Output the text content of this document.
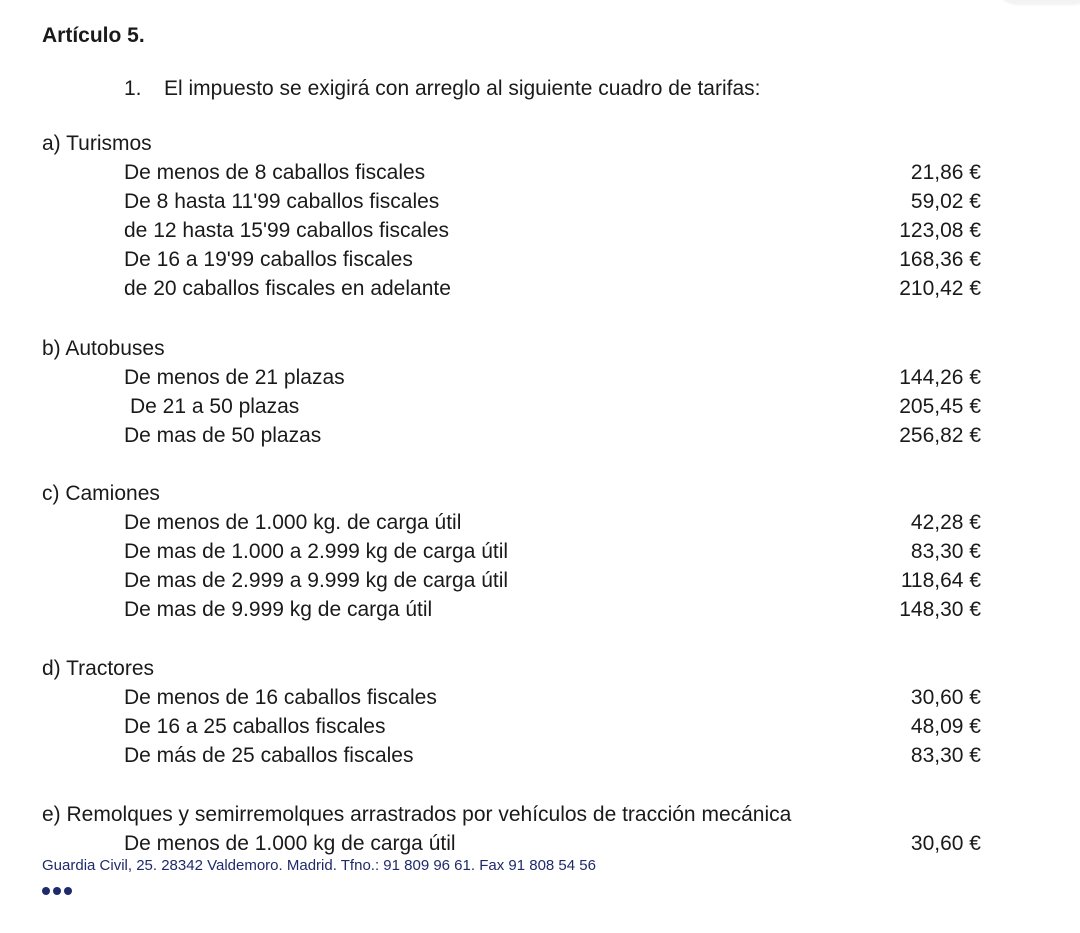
Artículo 5.

1. El impuesto se exigirá con arreglo al siguiente cuadro de tarifas:

a) Turismos
De menos de 8 caballos fiscales	21,86 €
De 8 hasta 11'99 caballos fiscales	59,02 €
de 12 hasta 15'99 caballos fiscales	123,08 €
De 16 a 19'99 caballos fiscales	168,36 €
de 20 caballos fiscales en adelante	210,42 €
b) Autobuses
De menos de 21 plazas	144,26 €
De 21 a 50 plazas	205,45 €
De mas de 50 plazas	256,82 €
c) Camiones
De menos de 1.000 kg. de carga útil	42,28 €
De mas de 1.000 a 2.999 kg de carga útil	83,30 €
De mas de 2.999 a 9.999 kg de carga útil	118,64 €
De mas de 9.999 kg de carga útil	148,30 €
d) Tractores
De menos de 16 caballos fiscales	30,60 €
De 16 a 25 caballos fiscales	48,09 €
De más de 25 caballos fiscales	83,30 €
e) Remolques y semirremolques arrastrados por vehículos de tracción mecánica
De menos de 1.000 kg de carga útil	30,60 €
Guardia Civil, 25. 28342 Valdemoro. Madrid. Tfno.: 91 809 96 61. Fax 91 808 54 56
